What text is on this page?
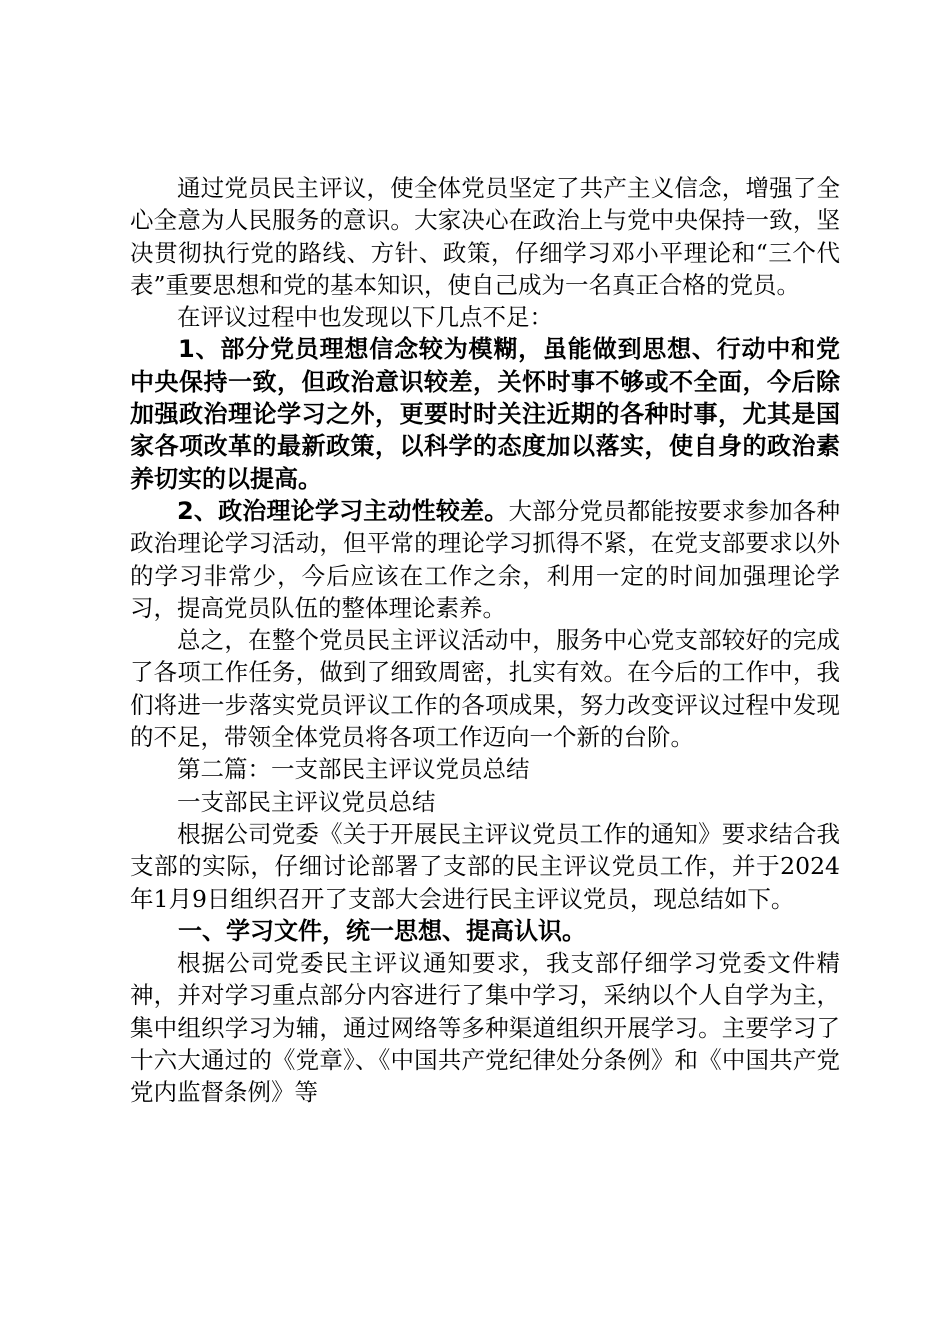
通过党员民主评议，使全体党员坚定了共产主义信念，增强了全心全意为人民服务的意识。大家决心在政治上与党中央保持一致，坚决贯彻执行党的路线、方针、政策，仔细学习邓小平理论和“三个代表”重要思想和党的基本知识，使自己成为一名真正合格的党员。

在评议过程中也发现以下几点不足：

1、部分党员理想信念较为模糊，虽能做到思想、行动中和党中央保持一致，但政治意识较差，关怀时事不够或不全面，今后除加强政治理论学习之外，更要时时关注近期的各种时事，尤其是国家各项改革的最新政策，以科学的态度加以落实，使自身的政治素养切实的以提高。

2、政治理论学习主动性较差。大部分党员都能按要求参加各种政治理论学习活动，但平常的理论学习抓得不紧，在党支部要求以外的学习非常少，今后应该在工作之余，利用一定的时间加强理论学习，提高党员队伍的整体理论素养。

总之，在整个党员民主评议活动中，服务中心党支部较好的完成了各项工作任务，做到了细致周密，扎实有效。在今后的工作中，我们将进一步落实党员评议工作的各项成果，努力改变评议过程中发现的不足，带领全体党员将各项工作迈向一个新的台阶。

第二篇：一支部民主评议党员总结

一支部民主评议党员总结

根据公司党委《关于开展民主评议党员工作的通知》要求结合我支部的实际，仔细讨论部署了支部的民主评议党员工作，并于2024年1月9日组织召开了支部大会进行民主评议党员，现总结如下。

一、学习文件，统一思想、提高认识。

根据公司党委民主评议通知要求，我支部仔细学习党委文件精神，并对学习重点部分内容进行了集中学习，采纳以个人自学为主，集中组织学习为辅，通过网络等多种渠道组织开展学习。主要学习了十六大通过的《党章》、《中国共产党纪律处分条例》和《中国共产党党内监督条例》等
